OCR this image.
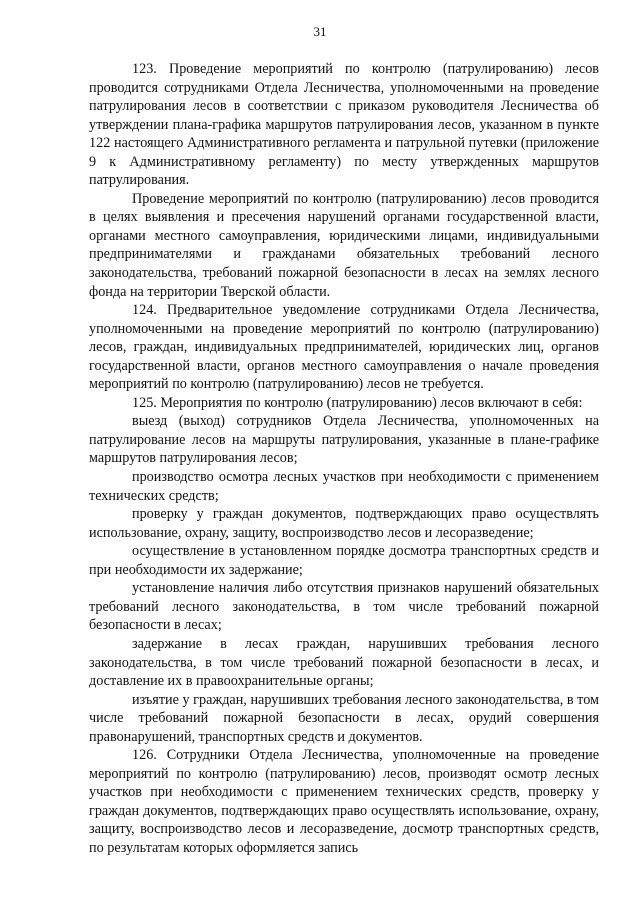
31

123. Проведение мероприятий по контролю (патрулированию) лесов проводится сотрудниками Отдела Лесничества, уполномоченными на проведение патрулирования лесов в соответствии с приказом руководителя Лесничества об утверждении плана-графика маршрутов патрулирования лесов, указанном в пункте 122 настоящего Административного регламента и патрульной путевки (приложение 9 к Административному регламенту) по месту утвержденных маршрутов патрулирования.

Проведение мероприятий по контролю (патрулированию) лесов проводится в целях выявления и пресечения нарушений органами государственной власти, органами местного самоуправления, юридическими лицами, индивидуальными предпринимателями и гражданами обязательных требований лесного законодательства, требований пожарной безопасности в лесах на землях лесного фонда на территории Тверской области.

124. Предварительное уведомление сотрудниками Отдела Лесничества, уполномоченными на проведение мероприятий по контролю (патрулированию) лесов, граждан, индивидуальных предпринимателей, юридических лиц, органов государственной власти, органов местного самоуправления о начале проведения мероприятий по контролю (патрулированию) лесов не требуется.

125. Мероприятия по контролю (патрулированию) лесов включают в себя:

выезд (выход) сотрудников Отдела Лесничества, уполномоченных на патрулирование лесов на маршруты патрулирования, указанные в плане-графике маршрутов патрулирования лесов;

производство осмотра лесных участков при необходимости с применением технических средств;

проверку у граждан документов, подтверждающих право осуществлять использование, охрану, защиту, воспроизводство лесов и лесоразведение;

осуществление в установленном порядке досмотра транспортных средств и при необходимости их задержание;

установление наличия либо отсутствия признаков нарушений обязательных требований лесного законодательства, в том числе требований пожарной безопасности в лесах;

задержание в лесах граждан, нарушивших требования лесного законодательства, в том числе требований пожарной безопасности в лесах, и доставление их в правоохранительные органы;

изъятие у граждан, нарушивших требования лесного законодательства, в том числе требований пожарной безопасности в лесах, орудий совершения правонарушений, транспортных средств и документов.

126. Сотрудники Отдела Лесничества, уполномоченные на проведение мероприятий по контролю (патрулированию) лесов, производят осмотр лесных участков при необходимости с применением технических средств, проверку у граждан документов, подтверждающих право осуществлять использование, охрану, защиту, воспроизводство лесов и лесоразведение, досмотр транспортных средств, по результатам которых оформляется запись
